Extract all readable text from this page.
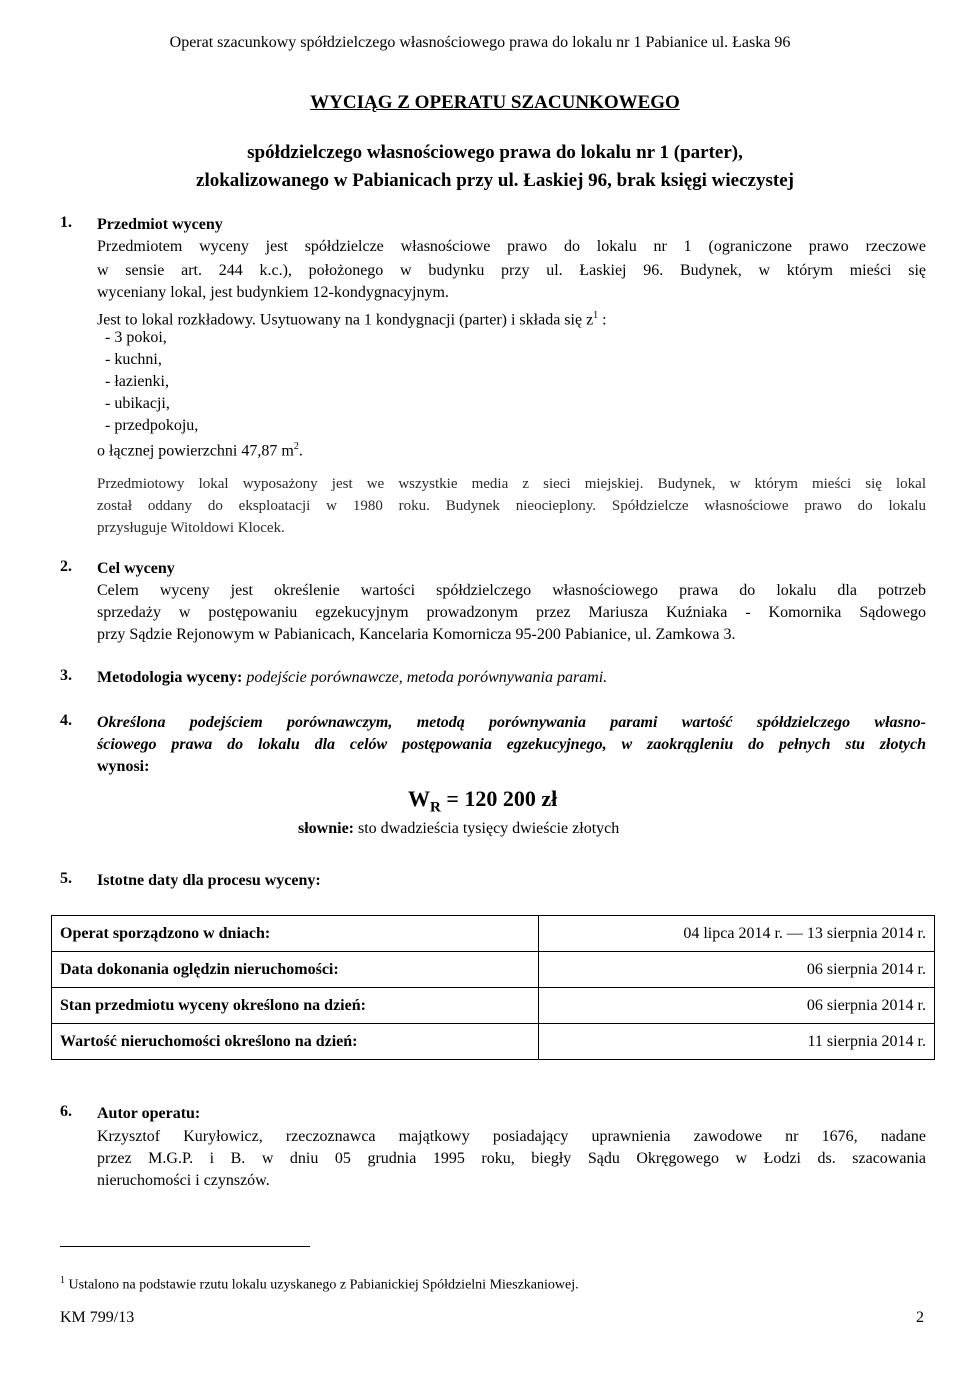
Operat szacunkowy spółdzielczego własnościowego prawa do lokalu nr 1 Pabianice ul. Łaska 96
WYCIĄG Z OPERATU SZACUNKOWEGO
spółdzielczego własnościowego prawa do lokalu nr 1 (parter),
zlokalizowanego w Pabianicach przy ul. Łaskiej 96, brak księgi wieczystej
1. Przedmiot wyceny
Przedmiotem wyceny jest spółdzielcze własnościowe prawo do lokalu nr 1 (ograniczone prawo rzeczowe
w sensie art. 244 k.c.), położonego w budynku przy ul. Łaskiej 96. Budynek, w którym mieści się
wyceniany lokal, jest budynkiem 12-kondygnacyjnym.
Jest to lokal rozkładowy. Usytuowany na 1 kondygnacji (parter) i składa się $z^1$ :
- 3 pokoi,
- kuchni,
- łazienki,
- ubikacji,
- przedpokoju,
o łącznej powierzchni 47,87 $m^2$.
Przedmiotowy lokal wyposażony jest we wszystkie media z sieci miejskiej. Budynek, w którym mieści się lokal
został oddany do eksploatacji w 1980 roku. Budynek nieocieplony. Spółdzielcze własnościowe prawo do lokalu
przysługuje Witoldowi Klocek.
2. Cel wyceny
Celem wyceny jest określenie wartości spółdzielczego własnościowego prawa do lokalu dla potrzeb
sprzedaży w postępowaniu egzekucyjnym prowadzonym przez Mariusza Kuźniaka - Komornika Sądowego
przy Sądzie Rejonowym w Pabianicach, Kancelaria Komornicza 95-200 Pabianice, ul. Zamkowa 3.
3. Metodologia wyceny: podejście porównawcze, metoda porównywania parami.
4. Określona podejściem porównawczym, metodą porównywania parami wartość spółdzielczego własno-
ściowego prawa do lokalu dla celów postępowania egzekucyjnego, w zaokrągleniu do pełnych stu złotych
wynosi:
$W_R = 120$ 200 zł
słownie: sto dwadzieścia tysięcy dwieście złotych
5. Istotne daty dla procesu wyceny:
Operat sporządzono w dniach:	04 lipca 2014 r. — 13 sierpnia 2014 r.
Data dokonania oględzin nieruchomości:	06 sierpnia 2014 r.
Stan przedmiotu wyceny określono na dzień:	06 sierpnia 2014 r.
Wartość nieruchomości określono na dzień:	11 sierpnia 2014 r.
6. Autor operatu:
Krzysztof Kuryłowicz, rzeczoznawca majątkowy posiadający uprawnienia zawodowe nr 1676, nadane
przez M.G.P. i B. w dniu 05 grudnia 1995 roku, biegły Sądu Okręgowego w Łodzi ds. szacowania
nieruchomości i czynszów.
$^1$ Ustalono na podstawie rzutu lokalu uzyskanego z Pabianickiej Spółdzielni Mieszkaniowej.
KM 799/13	2
